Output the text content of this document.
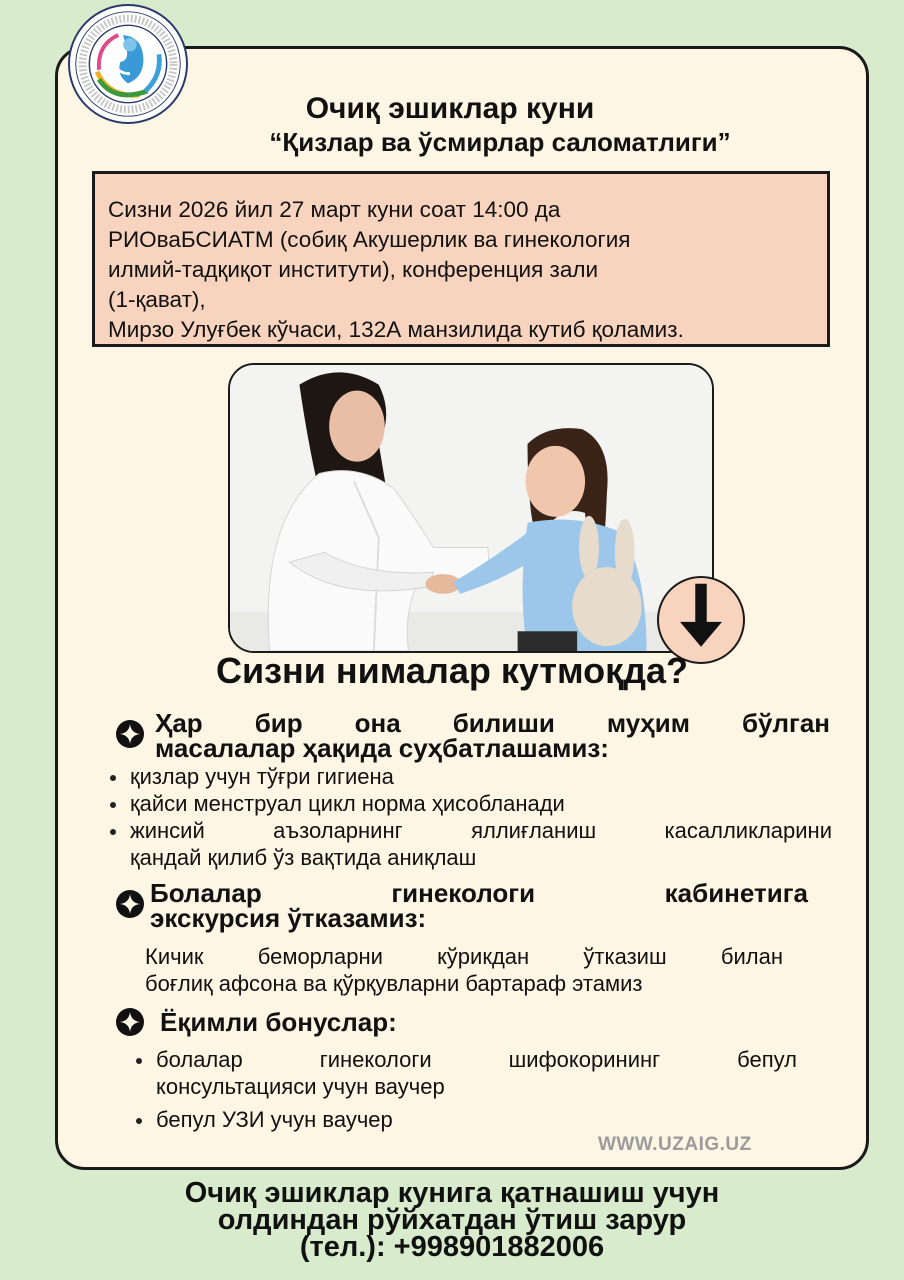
Очиқ эшиклар куни
“Қизлар ва ўсмирлар саломатлиги”
Сизни 2026 йил 27 март куни соат 14:00 да
РИОваБСИАТМ (собиқ Акушерлик ва гинекология
илмий-тадқиқот институти), конференция зали
(1-қават),
Мирзо Улуғбек кўчаси, 132А манзилида кутиб қоламиз.
Сизни нималар кутмоқда?
Ҳар бир она билиши муҳим бўлган
масалалар ҳақида суҳбатлашамиз:
қизлар учун тўғри гигиена
қайси менструал цикл норма ҳисобланади
жинсий аъзоларнинг яллиғланиш касалликларини
қандай қилиб ўз вақтида аниқлаш
Болалар гинекологи кабинетига
экскурсия ўтказамиз:
Кичик беморларни кўрикдан ўтказиш билан
боғлиқ афсона ва қўрқувларни бартараф этамиз
Ёқимли бонуслар:
болалар гинекологи шифокорининг бепул
консультацияси учун ваучер
бепул УЗИ учун ваучер
WWW.UZAIG.UZ
Очиқ эшиклар кунига қатнашиш учун
олдиндан рўйхатдан ўтиш зарур
(тел.): +998901882006
